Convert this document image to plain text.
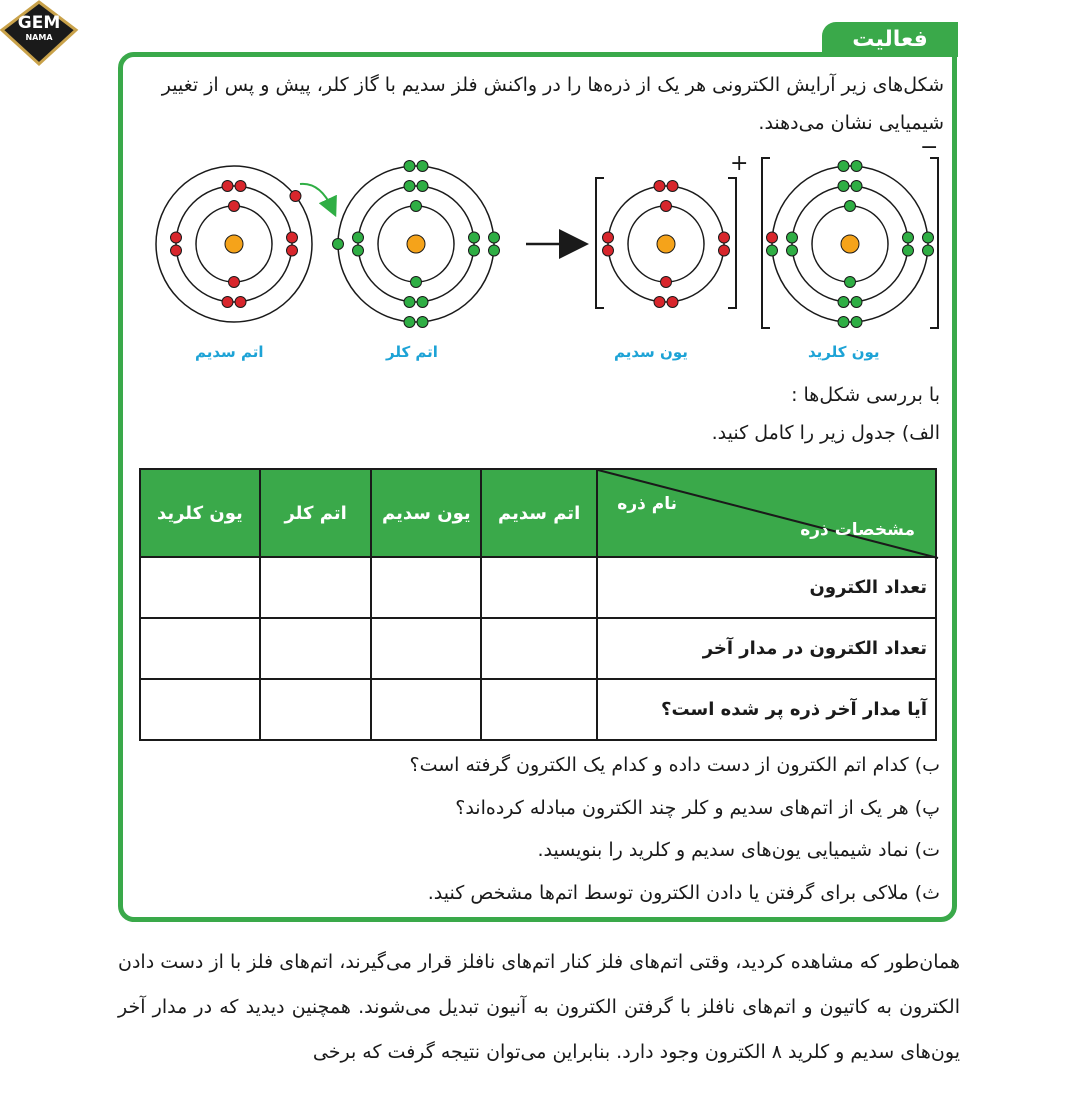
GEM
NAMA	فعالیت
شکل‌های زیر آرایش الکترونی هر یک از ذره‌ها را در واکنش فلز سدیم با گاز کلر، پیش و پس از تغییر شیمیایی نشان می‌دهند.
+
−
اتم سدیم	اتم کلر	یون سدیم	یون کلرید
با بررسی شکل‌ها :
الف) جدول زیر را کامل کنید.
نام ذره
مشخصات ذره	اتم سدیم	یون سدیم	اتم کلر	یون کلرید
تعداد الکترون				
تعداد الکترون در مدار آخر				
آیا مدار آخر ذره پر شده است؟				
ب) کدام اتم الکترون از دست داده و کدام یک الکترون گرفته است؟
پ) هر یک از اتم‌های سدیم و کلر چند الکترون مبادله کرده‌اند؟
ت) نماد شیمیایی یون‌های سدیم و کلرید را بنویسید.
ث) ملاکی برای گرفتن یا دادن الکترون توسط اتم‌ها مشخص کنید.
همان‌طور که مشاهده کردید، وقتی اتم‌های فلز کنار اتم‌های نافلز قرار می‌گیرند، اتم‌های فلز با از دست دادن الکترون به کاتیون و اتم‌های نافلز با گرفتن الکترون به آنیون تبدیل می‌شوند. همچنین دیدید که در مدار آخر یون‌های سدیم و کلرید ۸ الکترون وجود دارد. بنابراین می‌توان نتیجه گرفت که برخی
